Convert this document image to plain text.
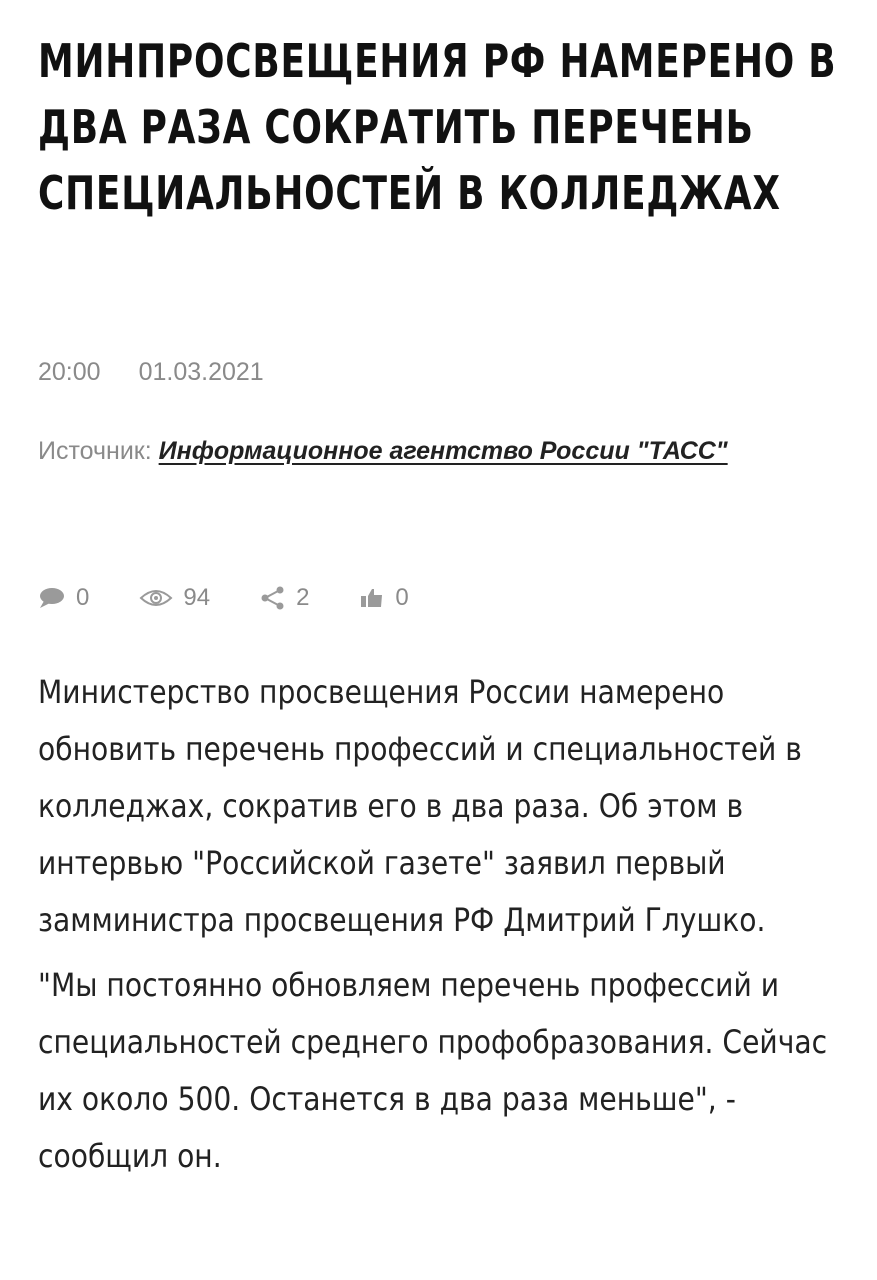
МИНПРОСВЕЩЕНИЯ РФ НАМЕРЕНО В ДВА РАЗА СОКРАТИТЬ ПЕРЕЧЕНЬ СПЕЦИАЛЬНОСТЕЙ В КОЛЛЕДЖАХ
20:00 01.03.2021
Источник: Информационное агентство России "ТАСС"
0	94	2	0

Министерство просвещения России намерено обновить перечень профессий и специальностей в колледжах, сократив его в два раза. Об этом в интервью "Российской газете" заявил первый замминистра просвещения РФ Дмитрий Глушко.

"Мы постоянно обновляем перечень профессий и специальностей среднего профобразования. Сейчас их около 500. Останется в два раза меньше", - сообщил он.
